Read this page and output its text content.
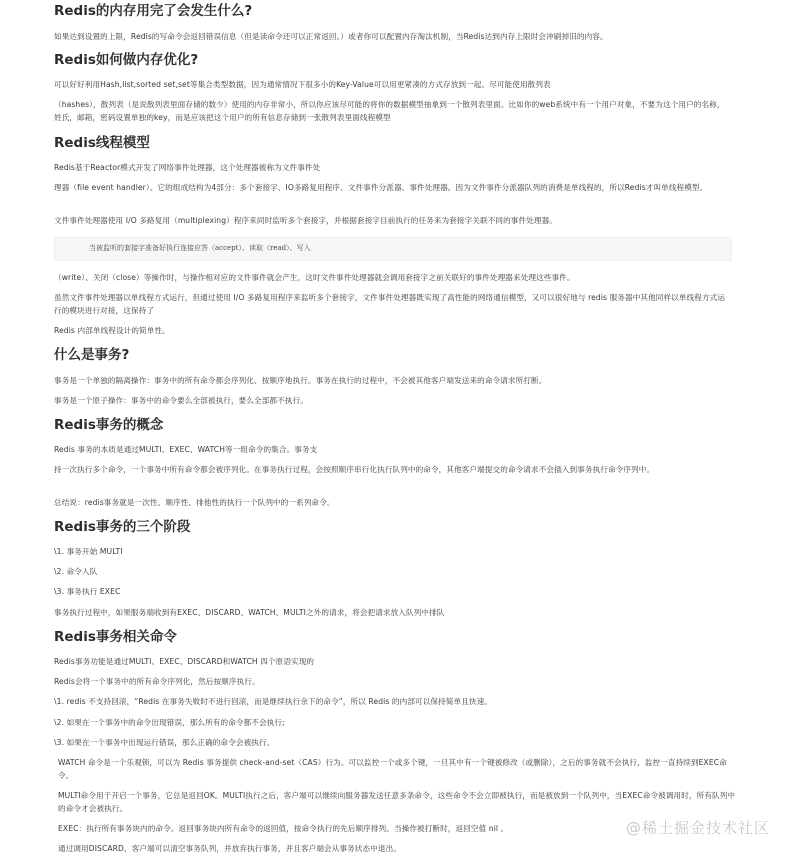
Redis的内存用完了会发生什么?

如果达到设置的上限，Redis的写命令会返回错误信息（但是读命令还可以正常返回。）或者你可以配置内存淘汰机制，当Redis达到内存上限时会冲刷掉旧的内容。

Redis如何做内存优化?

可以好好利用Hash,list,sorted set,set等集合类型数据，因为通常情况下很多小的Key-Value可以用更紧凑的方式存放到一起。尽可能使用散列表

（hashes），散列表（是说散列表里面存储的数少）使用的内存非常小，所以你应该尽可能的将你的数据模型抽象到一个散列表里面。比如你的web系统中有一个用户对象，不要为这个用户的名称，姓氏，邮箱，密码设置单独的key，而是应该把这个用户的所有信息存储到一张散列表里面线程模型

Redis线程模型

Redis基于Reactor模式开发了网络事件处理器，这个处理器被称为文件事件处

理器（file event handler）。它的组成结构为4部分：多个套接字、IO多路复用程序、文件事件分派器、事件处理器。因为文件事件分派器队列的消费是单线程的，所以Redis才叫单线程模型。

文件事件处理器使用 I/O 多路复用（multiplexing）程序来同时监听多个套接字，并根据套接字目前执行的任务来为套接字关联不同的事件处理器。

当被监听的套接字准备好执行连接应答（accept）、读取（read）、写入

（write）、关闭（close）等操作时，与操作相对应的文件事件就会产生，这时文件事件处理器就会调用套接字之前关联好的事件处理器来处理这些事件。

虽然文件事件处理器以单线程方式运行，但通过使用 I/O 多路复用程序来监听多个套接字，文件事件处理器既实现了高性能的网络通信模型，又可以很好地与 redis 服务器中其他同样以单线程方式运行的模块进行对接，这保持了

Redis 内部单线程设计的简单性。

什么是事务?

事务是一个单独的隔离操作：事务中的所有命令都会序列化、按顺序地执行。事务在执行的过程中，不会被其他客户端发送来的命令请求所打断。

事务是一个原子操作：事务中的命令要么全部被执行，要么全部都不执行。

Redis事务的概念

Redis 事务的本质是通过MULTI、EXEC、WATCH等一组命令的集合。事务支

持一次执行多个命令，一个事务中所有命令都会被序列化。在事务执行过程，会按照顺序串行化执行队列中的命令，其他客户端提交的命令请求不会插入到事务执行命令序列中。

总结说：redis事务就是一次性、顺序性、排他性的执行一个队列中的一系列命令。

Redis事务的三个阶段

\1. 事务开始 MULTI

\2. 命令入队

\3. 事务执行 EXEC

事务执行过程中，如果服务端收到有EXEC、DISCARD、WATCH、MULTI之外的请求，将会把请求放入队列中排队

Redis事务相关命令

Redis事务功能是通过MULTI、EXEC、DISCARD和WATCH 四个原语实现的

Redis会将一个事务中的所有命令序列化，然后按顺序执行。

\1. redis 不支持回滚，“Redis 在事务失败时不进行回滚，而是继续执行余下的命令”，所以 Redis 的内部可以保持简单且快速。

\2. 如果在一个事务中的命令出现错误，那么所有的命令都不会执行;

\3. 如果在一个事务中出现运行错误，那么正确的命令会被执行。

WATCH 命令是一个乐观锁，可以为 Redis 事务提供 check-and-set（CAS）行为。可以监控一个或多个键，一旦其中有一个键被修改（或删除），之后的事务就不会执行，监控一直持续到EXEC命令。

MULTI命令用于开启一个事务，它总是返回OK。MULTI执行之后，客户端可以继续向服务器发送任意多条命令，这些命令不会立即被执行，而是被放到一个队列中，当EXEC命令被调用时，所有队列中的命令才会被执行。

EXEC：执行所有事务块内的命令。返回事务块内所有命令的返回值，按命令执行的先后顺序排列。当操作被打断时，返回空值 nil 。

通过调用DISCARD，客户端可以清空事务队列，并放弃执行事务，并且客户端会从事务状态中退出。

@稀土掘金技术社区
